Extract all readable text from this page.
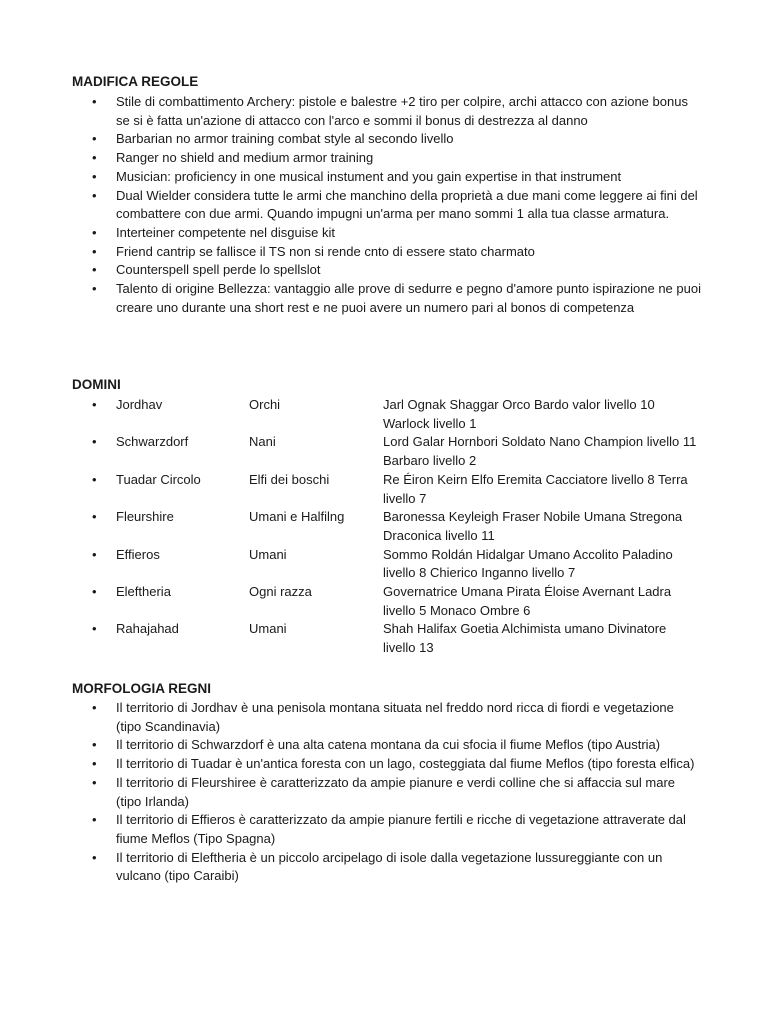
MADIFICA REGOLE
• Stile di combattimento Archery: pistole e balestre +2 tiro per colpire, archi attacco con azione bonus se si è fatta un'azione di attacco con l'arco e sommi il bonus di destrezza al danno
• Barbarian no armor training combat style al secondo livello
• Ranger no shield and medium armor training
• Musician: proficiency in one musical instument and you gain expertise in that instrument
• Dual Wielder considera tutte le armi che manchino della proprietà a due mani come leggere ai fini del combattere con due armi. Quando impugni un'arma per mano sommi 1 alla tua classe armatura.
• Interteiner competente nel disguise kit
• Friend cantrip se fallisce il TS non si rende cnto di essere stato charmato
• Counterspell spell perde lo spellslot
• Talento di origine Bellezza: vantaggio alle prove di sedurre e pegno d'amore punto ispirazione ne puoi creare uno durante una short rest e ne puoi avere un numero pari al bonos di competenza
DOMINI
• Jordhav	Orchi	Jarl Ognak Shaggar Orco Bardo valor livello 10 Warlock livello 1
• Schwarzdorf	Nani	Lord Galar Hornbori Soldato Nano Champion livello 11 Barbaro livello 2
• Tuadar Circolo	Elfi dei boschi	Re Éiron Keirn Elfo Eremita Cacciatore livello 8 Terra livello 7
• Fleurshire	Umani e Halfilng	Baronessa Keyleigh Fraser Nobile Umana Stregona Draconica livello 11
• Effieros	Umani	Sommo Roldán Hidalgar Umano Accolito Paladino livello 8 Chierico Inganno livello 7
• Eleftheria	Ogni razza	Governatrice Umana Pirata Éloise Avernant Ladra livello 5 Monaco Ombre 6
• Rahajahad	Umani	Shah Halifax Goetia Alchimista umano Divinatore livello 13
MORFOLOGIA REGNI
• Il territorio di Jordhav è una penisola montana situata nel freddo nord ricca di fiordi e vegetazione (tipo Scandinavia)
• Il territorio di Schwarzdorf è una alta catena montana da cui sfocia il fiume Meflos (tipo Austria)
• Il territorio di Tuadar è un'antica foresta con un lago, costeggiata dal fiume Meflos (tipo foresta elfica)
• Il territorio di Fleurshiree è caratterizzato da ampie pianure e verdi colline che si affaccia sul mare (tipo Irlanda)
• Il territorio di Effieros è caratterizzato da ampie pianure fertili e ricche di vegetazione attraverate dal fiume Meflos (Tipo Spagna)
• Il territorio di Eleftheria è un piccolo arcipelago di isole dalla vegetazione lussureggiante con un vulcano (tipo Caraibi)
